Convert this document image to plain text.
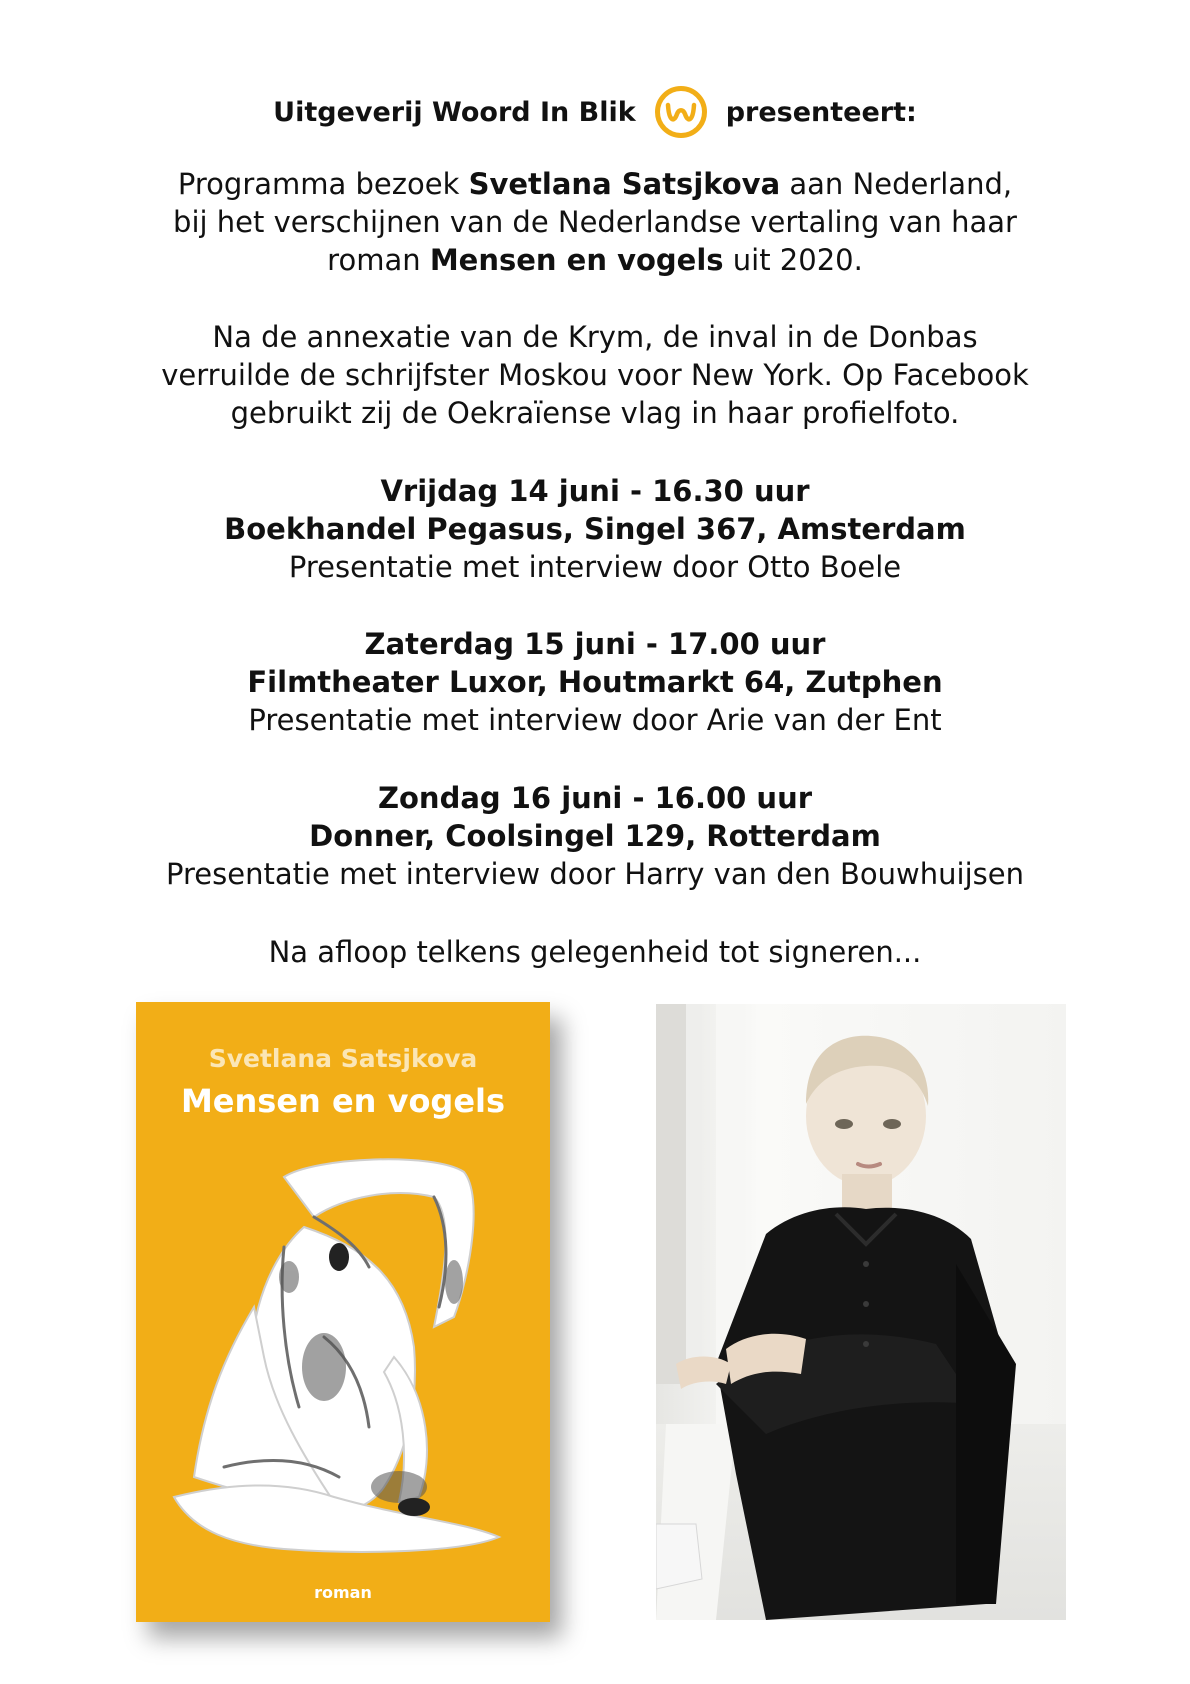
Uitgeverij Woord In Blik	presenteert:

Programma bezoek Svetlana Satsjkova aan Nederland,

bij het verschijnen van de Nederlandse vertaling van haar

roman Mensen en vogels uit 2020.

Na de annexatie van de Krym, de inval in de Donbas

verruilde de schrijfster Moskou voor New York. Op Facebook

gebruikt zij de Oekraïense vlag in haar profielfoto.

Vrijdag 14 juni - 16.30 uur

Boekhandel Pegasus, Singel 367, Amsterdam

Presentatie met interview door Otto Boele

Zaterdag 15 juni - 17.00 uur

Filmtheater Luxor, Houtmarkt 64, Zutphen

Presentatie met interview door Arie van der Ent

Zondag 16 juni - 16.00 uur

Donner, Coolsingel 129, Rotterdam

Presentatie met interview door Harry van den Bouwhuijsen

Na afloop telkens gelegenheid tot signeren...

Svetlana Satsjkova
Mensen en vogels
roman
